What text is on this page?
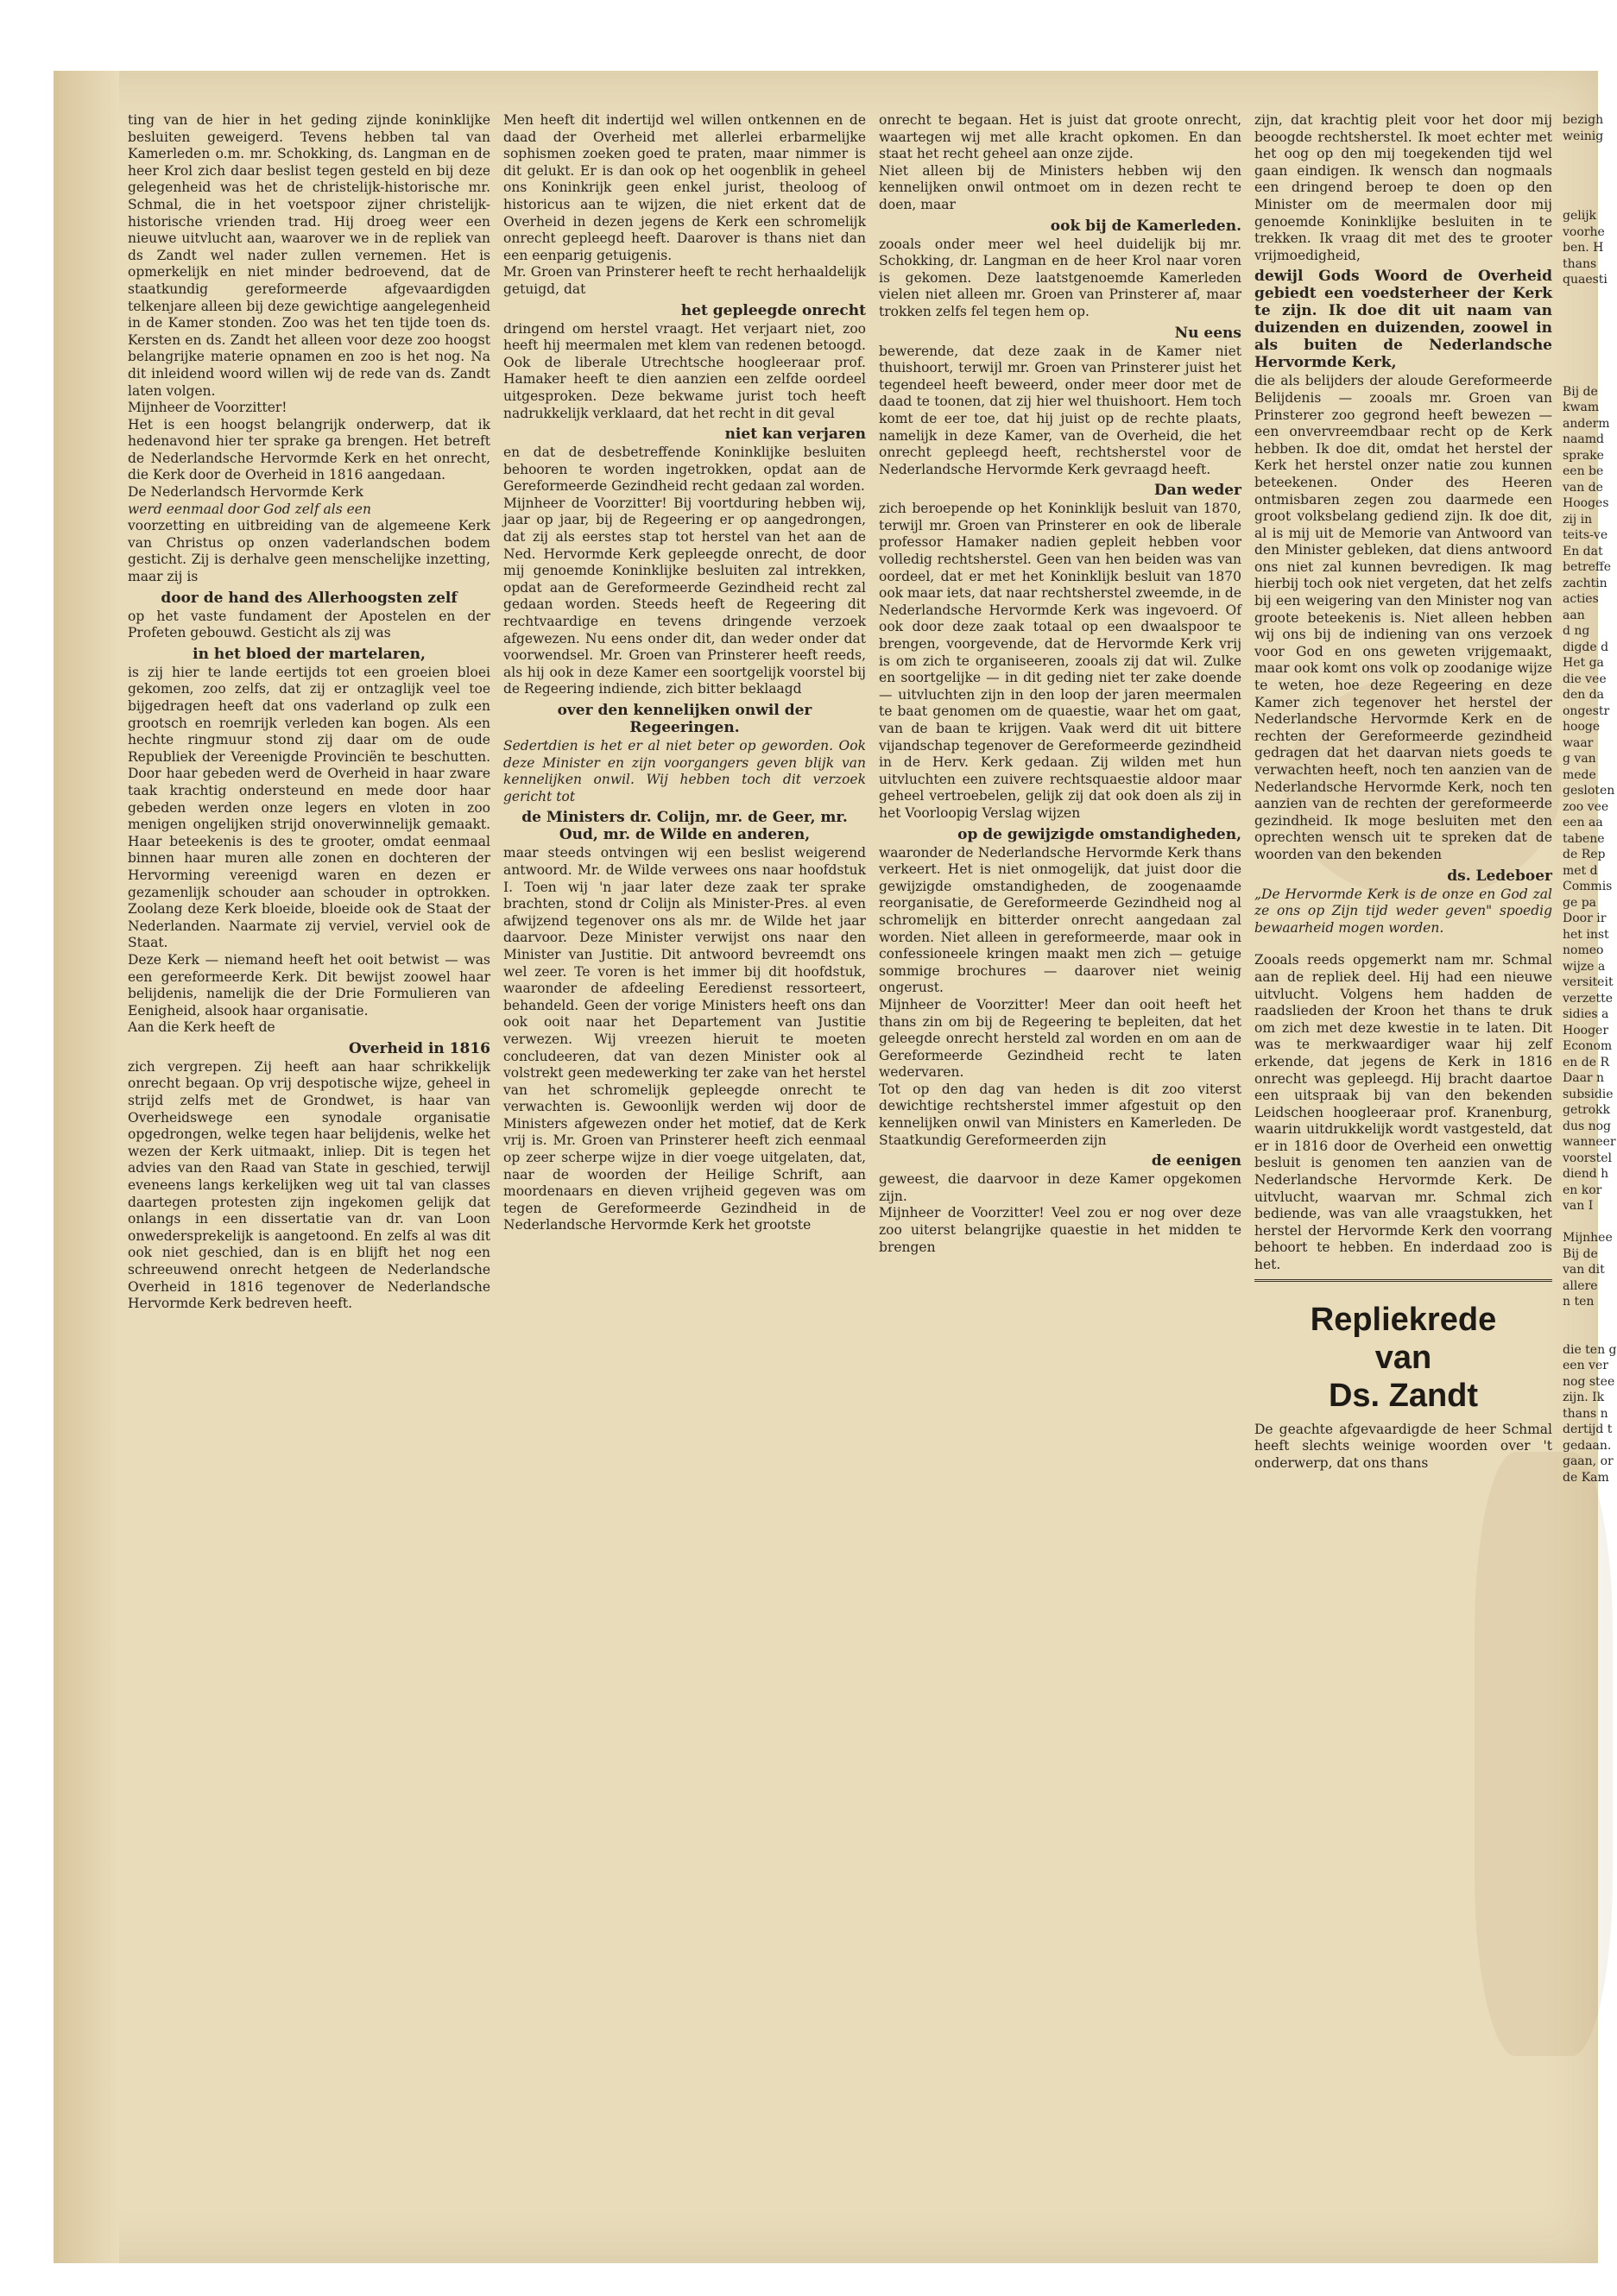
ting van de hier in het geding zijnde koninklijke besluiten geweigerd. Tevens hebben tal van Kamerleden o.m. mr. Schokking, ds. Langman en de heer Krol zich daar beslist tegen gesteld en bij deze gelegenheid was het de christelijk-historische mr. Schmal, die in het voetspoor zijner christelijk-historische vrienden trad. Hij droeg weer een nieuwe uitvlucht aan, waarover we in de repliek van ds Zandt wel nader zullen vernemen. Het is opmerkelijk en niet minder bedroevend, dat de staatkundig gereformeerde afgevaardigden telkenjare alleen bij deze gewichtige aangelegenheid in de Kamer stonden. Zoo was het ten tijde toen ds. Kersten en ds. Zandt het alleen voor deze zoo hoogst belangrijke materie opnamen en zoo is het nog. Na dit inleidend woord willen wij de rede van ds. Zandt laten volgen.

Mijnheer de Voorzitter!

Het is een hoogst belangrijk onderwerp, dat ik hedenavond hier ter sprake ga brengen. Het betreft de Nederlandsche Hervormde Kerk en het onrecht, die Kerk door de Overheid in 1816 aangedaan.

De Nederlandsch Hervormde Kerk

werd eenmaal door God zelf als een

voorzetting en uitbreiding van de algemeene Kerk van Christus op onzen vaderlandschen bodem gesticht. Zij is derhalve geen menschelijke inzetting, maar zij is

door de hand des Allerhoogsten zelf

op het vaste fundament der Apostelen en der Profeten gebouwd. Gesticht als zij was

in het bloed der martelaren,

is zij hier te lande eertijds tot een groeien bloei gekomen, zoo zelfs, dat zij er ontzaglijk veel toe bijgedragen heeft dat ons vaderland op zulk een grootsch en roemrijk verleden kan bogen. Als een hechte ringmuur stond zij daar om de oude Republiek der Vereenigde Provinciën te beschutten. Door haar gebeden werd de Overheid in haar zware taak krachtig ondersteund en mede door haar gebeden werden onze legers en vloten in zoo menigen ongelijken strijd onoverwinnelijk gemaakt. Haar beteekenis is des te grooter, omdat eenmaal binnen haar muren alle zonen en dochteren der Hervorming vereenigd waren en dezen er gezamenlijk schouder aan schouder in optrokken. Zoolang deze Kerk bloeide, bloeide ook de Staat der Nederlanden. Naarmate zij verviel, verviel ook de Staat.

Deze Kerk — niemand heeft het ooit betwist — was een gereformeerde Kerk. Dit bewijst zoowel haar belijdenis, namelijk die der Drie Formulieren van Eenigheid, alsook haar organisatie.

Aan die Kerk heeft de

Overheid in 1816

zich vergrepen. Zij heeft aan haar schrikkelijk onrecht begaan. Op vrij despotische wijze, geheel in strijd zelfs met de Grondwet, is haar van Overheidswege een synodale organisatie opgedrongen, welke tegen haar belijdenis, welke het wezen der Kerk uitmaakt, inliep. Dit is tegen het advies van den Raad van State in geschied, terwijl eveneens langs kerkelijken weg uit tal van classes daartegen protesten zijn ingekomen gelijk dat onlangs in een dissertatie van dr. van Loon onwedersprekelijk is aangetoond. En zelfs al was dit ook niet geschied, dan is en blijft het nog een schreeuwend onrecht hetgeen de Nederlandsche Overheid in 1816 tegenover de Nederlandsche Hervormde Kerk bedreven heeft.

Men heeft dit indertijd wel willen ontkennen en de daad der Overheid met allerlei erbarmelijke sophismen zoeken goed te praten, maar nimmer is dit gelukt. Er is dan ook op het oogenblik in geheel ons Koninkrijk geen enkel jurist, theoloog of historicus aan te wijzen, die niet erkent dat de Overheid in dezen jegens de Kerk een schromelijk onrecht gepleegd heeft. Daarover is thans niet dan een eenparig getuigenis.

Mr. Groen van Prinsterer heeft te recht herhaaldelijk getuigd, dat

het gepleegde onrecht

dringend om herstel vraagt. Het verjaart niet, zoo heeft hij meermalen met klem van redenen betoogd. Ook de liberale Utrechtsche hoogleeraar prof. Hamaker heeft te dien aanzien een zelfde oordeel uitgesproken. Deze bekwame jurist toch heeft nadrukkelijk verklaard, dat het recht in dit geval

niet kan verjaren

en dat de desbetreffende Koninklijke besluiten behooren te worden ingetrokken, opdat aan de Gereformeerde Gezindheid recht gedaan zal worden.

Mijnheer de Voorzitter! Bij voortduring hebben wij, jaar op jaar, bij de Regeering er op aangedrongen, dat zij als eerstes stap tot herstel van het aan de Ned. Hervormde Kerk gepleegde onrecht, de door mij genoemde Koninklijke besluiten zal intrekken, opdat aan de Gereformeerde Gezindheid recht zal gedaan worden. Steeds heeft de Regeering dit rechtvaardige en tevens dringende verzoek afgewezen. Nu eens onder dit, dan weder onder dat voorwendsel. Mr. Groen van Prinsterer heeft reeds, als hij ook in deze Kamer een soortgelijk voorstel bij de Regeering indiende, zich bitter beklaagd

over den kennelijken onwil der Regeeringen.

Sedertdien is het er al niet beter op geworden. Ook deze Minister en zijn voorgangers geven blijk van kennelijken onwil. Wij hebben toch dit verzoek gericht tot

de Ministers dr. Colijn, mr. de Geer, mr. Oud, mr. de Wilde en anderen,

maar steeds ontvingen wij een beslist weigerend antwoord. Mr. de Wilde verwees ons naar hoofdstuk I. Toen wij 'n jaar later deze zaak ter sprake brachten, stond dr Colijn als Minister-Pres. al even afwijzend tegenover ons als mr. de Wilde het jaar daarvoor. Deze Minister verwijst ons naar den Minister van Justitie. Dit antwoord bevreemdt ons wel zeer. Te voren is het immer bij dit hoofdstuk, waaronder de afdeeling Eeredienst ressorteert, behandeld. Geen der vorige Ministers heeft ons dan ook ooit naar het Departement van Justitie verwezen. Wij vreezen hieruit te moeten concludeeren, dat van dezen Minister ook al volstrekt geen medewerking ter zake van het herstel van het schromelijk gepleegde onrecht te verwachten is. Gewoonlijk werden wij door de Ministers afgewezen onder het motief, dat de Kerk vrij is. Mr. Groen van Prinsterer heeft zich eenmaal op zeer scherpe wijze in dier voege uitgelaten, dat, naar de woorden der Heilige Schrift, aan moordenaars en dieven vrijheid gegeven was om tegen de Gereformeerde Gezindheid in de Nederlandsche Hervormde Kerk het grootste

onrecht te begaan. Het is juist dat groote onrecht, waartegen wij met alle kracht opkomen. En dan staat het recht geheel aan onze zijde.

Niet alleen bij de Ministers hebben wij den kennelijken onwil ontmoet om in dezen recht te doen, maar

ook bij de Kamerleden.

zooals onder meer wel heel duidelijk bij mr. Schokking, dr. Langman en de heer Krol naar voren is gekomen. Deze laatstgenoemde Kamerleden vielen niet alleen mr. Groen van Prinsterer af, maar trokken zelfs fel tegen hem op.

Nu eens

bewerende, dat deze zaak in de Kamer niet thuishoort, terwijl mr. Groen van Prinsterer juist het tegendeel heeft beweerd, onder meer door met de daad te toonen, dat zij hier wel thuishoort. Hem toch komt de eer toe, dat hij juist op de rechte plaats, namelijk in deze Kamer, van de Overheid, die het onrecht gepleegd heeft, rechtsherstel voor de Nederlandsche Hervormde Kerk gevraagd heeft.

Dan weder

zich beroepende op het Koninklijk besluit van 1870, terwijl mr. Groen van Prinsterer en ook de liberale professor Hamaker nadien gepleit hebben voor volledig rechtsherstel. Geen van hen beiden was van oordeel, dat er met het Koninklijk besluit van 1870 ook maar iets, dat naar rechtsherstel zweemde, in de Nederlandsche Hervormde Kerk was ingevoerd. Of ook door deze zaak totaal op een dwaalspoor te brengen, voorgevende, dat de Hervormde Kerk vrij is om zich te organiseeren, zooals zij dat wil. Zulke en soortgelijke — in dit geding niet ter zake doende — uitvluchten zijn in den loop der jaren meermalen te baat genomen om de quaestie, waar het om gaat, van de baan te krijgen. Vaak werd dit uit bittere vijandschap tegenover de Gereformeerde gezindheid in de Herv. Kerk gedaan. Zij wilden met hun uitvluchten een zuivere rechtsquaestie aldoor maar geheel vertroebelen, gelijk zij dat ook doen als zij in het Voorloopig Verslag wijzen

op de gewijzigde omstandigheden,

waaronder de Nederlandsche Hervormde Kerk thans verkeert. Het is niet onmogelijk, dat juist door die gewijzigde omstandigheden, de zoogenaamde reorganisatie, de Gereformeerde Gezindheid nog al schromelijk en bitterder onrecht aangedaan zal worden. Niet alleen in gereformeerde, maar ook in confessioneele kringen maakt men zich — getuige sommige brochures — daarover niet weinig ongerust.

Mijnheer de Voorzitter! Meer dan ooit heeft het thans zin om bij de Regeering te bepleiten, dat het geleegde onrecht hersteld zal worden en om aan de Gereformeerde Gezindheid recht te laten wedervaren.

Tot op den dag van heden is dit zoo viterst dewichtige rechtsherstel immer afgestuit op den kennelijken onwil van Ministers en Kamerleden. De Staatkundig Gereformeerden zijn

de eenigen

geweest, die daarvoor in deze Kamer opgekomen zijn.

Mijnheer de Voorzitter! Veel zou er nog over deze zoo uiterst belangrijke quaestie in het midden te brengen

zijn, dat krachtig pleit voor het door mij beoogde rechtsherstel. Ik moet echter met het oog op den mij toegekenden tijd wel gaan eindigen. Ik wensch dan nogmaals een dringend beroep te doen op den Minister om de meermalen door mij genoemde Koninklijke besluiten in te trekken. Ik vraag dit met des te grooter vrijmoedigheid,

dewijl Gods Woord de Overheid gebiedt een voedsterheer der Kerk te zijn. Ik doe dit uit naam van duizenden en duizenden, zoowel in als buiten de Nederlandsche Hervormde Kerk,

die als belijders der aloude Gereformeerde Belijdenis — zooals mr. Groen van Prinsterer zoo gegrond heeft bewezen — een onvervreemdbaar recht op de Kerk hebben. Ik doe dit, omdat het herstel der Kerk het herstel onzer natie zou kunnen beteekenen. Onder des Heeren ontmisbaren zegen zou daarmede een groot volksbelang gediend zijn. Ik doe dit, al is mij uit de Memorie van Antwoord van den Minister gebleken, dat diens antwoord ons niet zal kunnen bevredigen. Ik mag hierbij toch ook niet vergeten, dat het zelfs bij een weigering van den Minister nog van groote beteekenis is. Niet alleen hebben wij ons bij de indiening van ons verzoek voor God en ons geweten vrijgemaakt, maar ook komt ons volk op zoodanige wijze te weten, hoe deze Regeering en deze Kamer zich tegenover het herstel der Nederlandsche Hervormde Kerk en de rechten der Gereformeerde gezindheid gedragen dat het daarvan niets goeds te verwachten heeft, noch ten aanzien van de Nederlandsche Hervormde Kerk, noch ten aanzien van de rechten der gereformeerde gezindheid. Ik moge besluiten met den oprechten wensch uit te spreken dat de woorden van den bekenden

ds. Ledeboer

„De Hervormde Kerk is de onze en God zal ze ons op Zijn tijd weder geven" spoedig bewaarheid mogen worden.

Zooals reeds opgemerkt nam mr. Schmal aan de repliek deel. Hij had een nieuwe uitvlucht. Volgens hem hadden de raadslieden der Kroon het thans te druk om zich met deze kwestie in te laten. Dit was te merkwaardiger waar hij zelf erkende, dat jegens de Kerk in 1816 onrecht was gepleegd. Hij bracht daartoe een uitspraak bij van den bekenden Leidschen hoogleeraar prof. Kranenburg, waarin uitdrukkelijk wordt vastgesteld, dat er in 1816 door de Overheid een onwettig besluit is genomen ten aanzien van de Nederlandsche Hervormde Kerk. De uitvlucht, waarvan mr. Schmal zich bediende, was van alle vraagstukken, het herstel der Hervormde Kerk den voorrang behoort te hebben. En inderdaad zoo is het.

Repliekrede
van
Ds. Zandt

De geachte afgevaardigde de heer Schmal heeft slechts weinige woorden over 't onderwerp, dat ons thans

bezigh

weinig

gelijk

voorhe

ben. H

thans

quaesti

Bij de

kwam

anderm

naamd

sprake

een be

van de

Hooges

zij in

teits-ve

En dat

betreffe

zachtin

acties

aan

d ng

digde d

Het ga

die vee

den da

ongestr

hooge

waar

g van

mede

gesloten

zoo vee

een aa

tabene

de Rep

met d

Commis

ge pa

Door ir

het inst

nomeo

wijze a

versiteit

verzette

sidies a

Hooger

Econom

en de R

Daar n

subsidie

getrokk

dus nog

wanneer

voorstel

diend h

en kor

van I

Mijnhee

Bij de

van dit

allere

n ten

die ten g

een ver

nog stee

zijn. Ik

thans n

dertijd t

gedaan.

gaan, or

de Kam
